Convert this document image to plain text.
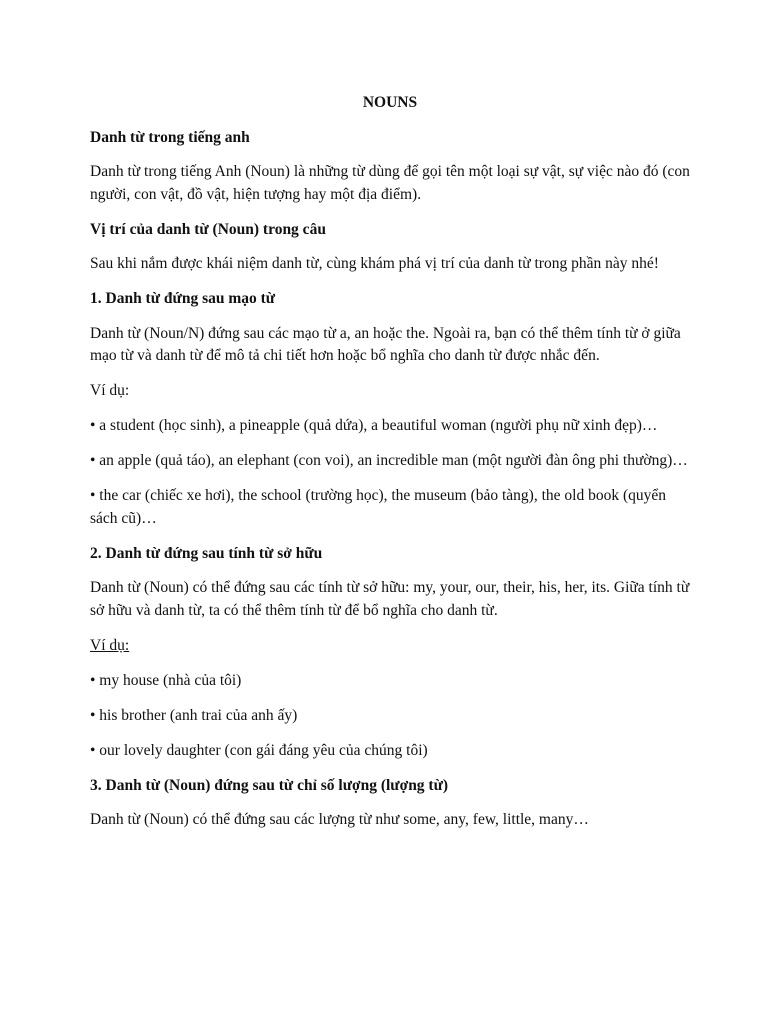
NOUNS
Danh từ trong tiếng anh

Danh từ trong tiếng Anh (Noun) là những từ dùng để gọi tên một loại sự vật, sự việc nào đó (con người, con vật, đồ vật, hiện tượng hay một địa điểm).

Vị trí của danh từ (Noun) trong câu

Sau khi nắm được khái niệm danh từ, cùng khám phá vị trí của danh từ trong phần này nhé!

1. Danh từ đứng sau mạo từ

Danh từ (Noun/N) đứng sau các mạo từ a, an hoặc the. Ngoài ra, bạn có thể thêm tính từ ở giữa mạo từ và danh từ để mô tả chi tiết hơn hoặc bổ nghĩa cho danh từ được nhắc đến.

Ví dụ:

• a student (học sinh), a pineapple (quả dứa), a beautiful woman (người phụ nữ xinh đẹp)…

• an apple (quả táo), an elephant (con voi), an incredible man (một người đàn ông phi thường)…

• the car (chiếc xe hơi), the school (trường học), the museum (bảo tàng), the old book (quyển sách cũ)…

2. Danh từ đứng sau tính từ sở hữu

Danh từ (Noun) có thể đứng sau các tính từ sở hữu: my, your, our, their, his, her, its. Giữa tính từ sở hữu và danh từ, ta có thể thêm tính từ để bổ nghĩa cho danh từ.

Ví dụ:

• my house (nhà của tôi)

• his brother (anh trai của anh ấy)

• our lovely daughter (con gái đáng yêu của chúng tôi)

3. Danh từ (Noun) đứng sau từ chỉ số lượng (lượng từ)

Danh từ (Noun) có thể đứng sau các lượng từ như some, any, few, little, many…
